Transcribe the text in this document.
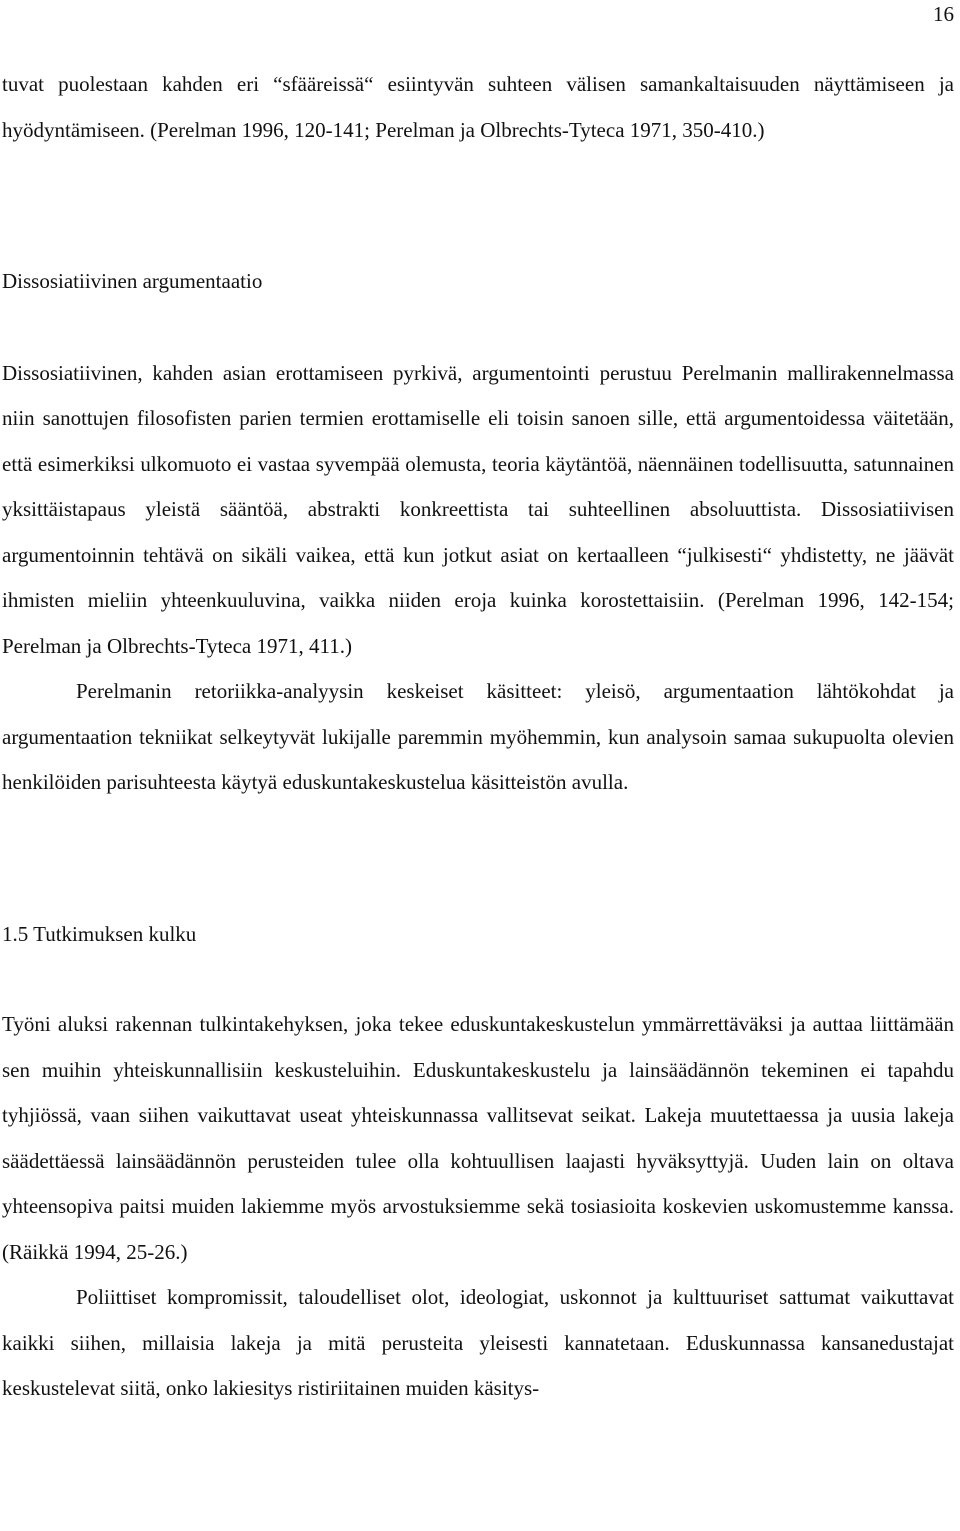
16

tuvat puolestaan kahden eri “sfääreissä“ esiintyvän suhteen välisen samankaltaisuuden näyttämiseen ja hyödyntämiseen. (Perelman 1996, 120-141; Perelman ja Olbrechts-Tyteca 1971, 350-410.)

Dissosiatiivinen argumentaatio

Dissosiatiivinen, kahden asian erottamiseen pyrkivä, argumentointi perustuu Perelmanin mallirakennelmassa niin sanottujen filosofisten parien termien erottamiselle eli toisin sanoen sille, että argumentoidessa väitetään, että esimerkiksi ulkomuoto ei vastaa syvempää olemusta, teoria käytäntöä, näennäinen todellisuutta, satunnainen yksittäistapaus yleistä sääntöä, abstrakti konkreettista tai suhteellinen absoluuttista. Dissosiatiivisen argumentoinnin tehtävä on sikäli vaikea, että kun jotkut asiat on kertaalleen “julkisesti“ yhdistetty, ne jäävät ihmisten mieliin yhteenkuuluvina, vaikka niiden eroja kuinka korostettaisiin. (Perelman 1996, 142-154; Perelman ja Olbrechts-Tyteca 1971, 411.)

Perelmanin retoriikka-analyysin keskeiset käsitteet: yleisö, argumentaation lähtökohdat ja argumentaation tekniikat selkeytyvät lukijalle paremmin myöhemmin, kun analysoin samaa sukupuolta olevien henkilöiden parisuhteesta käytyä eduskuntakeskustelua käsitteistön avulla.

1.5 Tutkimuksen kulku

Työni aluksi rakennan tulkintakehyksen, joka tekee eduskuntakeskustelun ymmärrettäväksi ja auttaa liittämään sen muihin yhteiskunnallisiin keskusteluihin. Eduskuntakeskustelu ja lainsäädännön tekeminen ei tapahdu tyhjiössä, vaan siihen vaikuttavat useat yhteiskunnassa vallitsevat seikat. Lakeja muutettaessa ja uusia lakeja säädettäessä lainsäädännön perusteiden tulee olla kohtuullisen laajasti hyväksyttyjä. Uuden lain on oltava yhteensopiva paitsi muiden lakiemme myös arvostuksiemme sekä tosiasioita koskevien uskomustemme kanssa. (Räikkä 1994, 25-26.)

Poliittiset kompromissit, taloudelliset olot, ideologiat, uskonnot ja kulttuuriset sattumat vaikuttavat kaikki siihen, millaisia lakeja ja mitä perusteita yleisesti kannatetaan. Eduskunnassa kansanedustajat keskustelevat siitä, onko lakiesitys ristiriitainen muiden käsitys-
